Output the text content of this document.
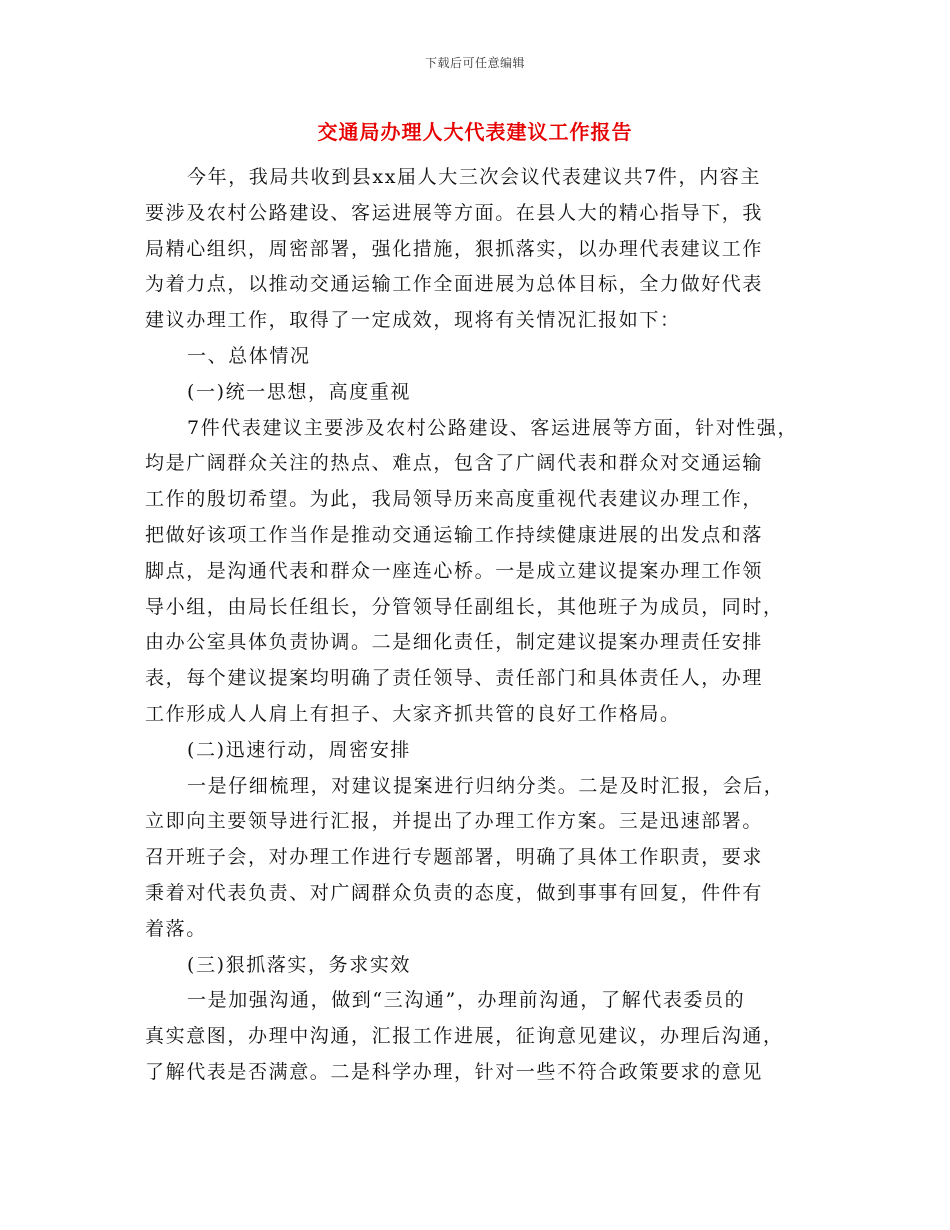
下载后可任意编辑
交通局办理人大代表建议工作报告
今年，我局共收到县xx届人大三次会议代表建议共7件，内容主
要涉及农村公路建设、客运进展等方面。在县人大的精心指导下，我
局精心组织，周密部署，强化措施，狠抓落实，以办理代表建议工作
为着力点，以推动交通运输工作全面进展为总体目标，全力做好代表
建议办理工作，取得了一定成效，现将有关情况汇报如下：
一、总体情况
(一)统一思想，高度重视
7件代表建议主要涉及农村公路建设、客运进展等方面，针对性强，
均是广阔群众关注的热点、难点，包含了广阔代表和群众对交通运输
工作的殷切希望。为此，我局领导历来高度重视代表建议办理工作，
把做好该项工作当作是推动交通运输工作持续健康进展的出发点和落
脚点，是沟通代表和群众一座连心桥。一是成立建议提案办理工作领
导小组，由局长任组长，分管领导任副组长，其他班子为成员，同时，
由办公室具体负责协调。二是细化责任，制定建议提案办理责任安排
表，每个建议提案均明确了责任领导、责任部门和具体责任人，办理
工作形成人人肩上有担子、大家齐抓共管的良好工作格局。
(二)迅速行动，周密安排
一是仔细梳理，对建议提案进行归纳分类。二是及时汇报，会后，
立即向主要领导进行汇报，并提出了办理工作方案。三是迅速部署。
召开班子会，对办理工作进行专题部署，明确了具体工作职责，要求
秉着对代表负责、对广阔群众负责的态度，做到事事有回复，件件有
着落。
(三)狠抓落实，务求实效
一是加强沟通，做到“三沟通”，办理前沟通，了解代表委员的
真实意图，办理中沟通，汇报工作进展，征询意见建议，办理后沟通，
了解代表是否满意。二是科学办理，针对一些不符合政策要求的意见
